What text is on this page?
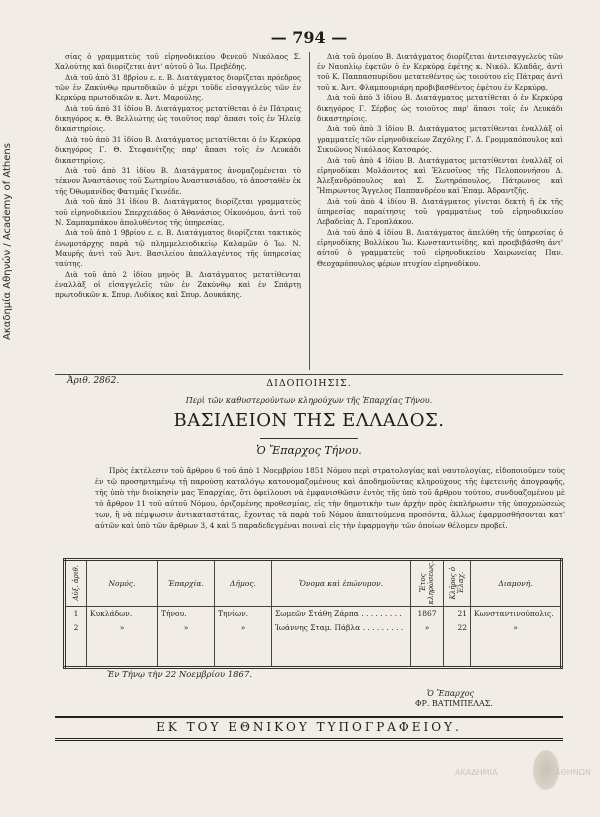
Ακαδημία Αθηνών / Academy of Athens
— 794 —

σίας ὁ γραμματεὺς τοῦ εἰρηνοδικείου Φενεοῦ Νικόλαος Σ. Χαλούτης καὶ διορίζεται ἀντ' αὐτοῦ ὁ Ἰω. Πρεβέδης.

Διὰ τοῦ ἀπὸ 31 8βρίου ε. ε. Β. Διατάγματος διορίζεται πρόεδρος τῶν ἐν Ζακύνθῳ πρωτοδικῶν ὁ μέχρι τοῦδε εἰσαγγελεὺς τῶν ἐν Κερκύρᾳ πρωτοδικῶν κ. Ἀντ. Μαρούλης.

Διὰ τοῦ ἀπὸ 31 ἰδίου Β. Διατάγματος μετατίθεται ὁ ἐν Πάτραις δικηγόρος κ. Θ. Βελλιώτης ὡς τοιοῦτος παρ' ἅπασι τοῖς ἐν Ἠλείᾳ δικαστηρίοις.

Διὰ τοῦ ἀπὸ 31 ἰδίου Β. Διατάγματος μετατίθεται ὁ ἐν Κερκύρᾳ δικηγόρος Γ. Θ. Στεφανίτζης παρ' ἅπασι τοῖς ἐν Λευκάδι δικαστηρίοις.

Διὰ τοῦ ἀπὸ 31 ἰδίου Β. Διατάγματος ἀνομαζομένεται τὸ τέκνον Ἀναστάσιος τοῦ Σωτηρίου Ἀναστασιάδου, τὸ ἀποσταθὲν ἐκ τῆς Ὀθωμανίδος Φατιμᾶς Γκινέδε.

Διὰ τοῦ ἀπὸ 31 ἰδίου Β. Διατάγματος διορίζεται γραμματεὺς τοῦ εἰρηνοδικείου Σπερχειάδος ὁ Ἀθανάσιος Οἰκονόμου, ἀντὶ τοῦ Ν. Σαμπαμπάκου ἀπολυθέντος τῆς ὑπηρεσίας.

Διὰ τοῦ ἀπὸ 1 9βρίου ε. ε. Β. Διατάγματος διορίζεται τακτικὸς ἐνωμοτάρχης παρὰ τῷ πλημμελειοδικείῳ Καλαμῶν ὁ Ἰω. Ν. Μαυρῆς ἀντὶ τοῦ Ἀντ. Βασιλείου ἀπαλλαγέντος τῆς ὑπηρεσίας ταύτης.

Διὰ τοῦ ἀπὸ 2 ἰδίου μηνὸς Β. Διατάγματος μετατίθενται ἐναλλὰξ οἱ εἰσαγγελεῖς τῶν ἐν Ζακύνθῳ καὶ ἐν Σπάρτῃ πρωτοδικῶν κ. Σπυρ. Λυδίκος καὶ Σπυρ. Δουκάκης.

Διὰ τοῦ ὁμοίου Β. Διατάγματος διορίζεται ἀντεισαγγελεὺς τῶν ἐν Ναυπλίῳ ἐφετῶν ὁ ἐν Κερκύρᾳ ἐφέτης κ. Νικόλ. Κλαδᾶς, ἀντὶ τοῦ Κ. Παππασπυρίδου μετατεθέντος ὡς τοιούτου εἰς Πάτρας ἀντὶ τοῦ κ. Ἀντ. Φλαμπουριάρη προβιβασθέντος ἐφέτου ἐν Κερκύρᾳ.

Διὰ τοῦ ἀπὸ 3 ἰδίου Β. Διατάγματος μετατίθεται ὁ ἐν Κερκύρᾳ δικηγόρος Γ. Σέρβος ὡς τοιοῦτος παρ' ἅπασι τοῖς ἐν Λευκάδι δικαστηρίοις.

Διὰ τοῦ ἀπὸ 3 ἰδίου Β. Διατάγματος μετατίθενται ἐναλλὰξ οἱ γραμματεῖς τῶν εἰρηνοδικείων Ζαχόλης Γ. Δ. Γρομμαπόπουλος καὶ Σικυῶνος Νικόλαος Κατσαρός.

Διὰ τοῦ ἀπὸ 4 ἰδίου Β. Διατάγματος μετατίθενται ἐναλλὰξ οἱ εἰρηνοδίκαι Μολάοντος καὶ Ἐλευσῖνος τῆς Πελοποννήσου Δ. Ἀλεξανδρόπουλος καὶ Σ. Σωτηρόπουλος, Πάτρωνος καὶ Ἤπιρωντος Ἄγγελος Παππανδρέου καὶ Ἐπαμ. Ἀδραντζῆς.

Διὰ τοῦ ἀπὸ 4 ἰδίου Β. Διατάγματος γίνεται δεκτὴ ἡ ἐκ τῆς ὑπηρεσίας παραίτησις τοῦ γραμματέως τοῦ εἰρηνοδικείου Λεβαδείας Δ. Γεροπλάκου.

Διὰ τοῦ ἀπὸ 4 ἰδίου Β. Διατάγματος ἀπελύθη τῆς ὑπηρεσίας ὁ εἰρηνοδίκης Βολλίκου Ἰω. Κωνσταντινίδης, καὶ προεβιβάσθη ἀντ' αὐτοῦ ὁ γραμματεὺς τοῦ εἰρηνοδικείου Χαιρωνείας Παν. Θεοχαρόπουλος φέρων πτυχίον εἰρηνοδίκου.

Ἀριθ. 2862.	ΔΙΔΟΠΟΙΗΣΙΣ.
Περὶ τῶν καθυστερούντων κληρούχων τῆς Ἐπαρχίας Τήνου.
ΒΑΣΙΛΕΙΟΝ ΤΗΣ ΕΛΛΑΔΟΣ.
Ὁ Ἔπαρχος Τήνου.
Πρὸς ἐκτέλεσιν τοῦ ἄρθρου 6 τοῦ ἀπὸ 1 Νοεμβρίου 1851 Νόμου περὶ στρατολογίας καὶ ναυτολογίας, εἰδοποιοῦμεν τοὺς ἐν τῷ προσηρτημένῳ τῇ παρούσῃ καταλόγῳ κατονομαζομένους καὶ ἀποδημοῦντας κληρούχους τῆς ἐφετεινῆς ἀπογραφῆς, τῆς ὑπὸ τὴν διοίκησίν μας Ἐπαρχίας, ὅτι ὀφείλουσι νὰ ἐμφανισθῶσιν ἐντὸς τῆς ὑπὸ τοῦ ἄρθρου τούτου, συνδυαζομένου μὲ τὸ ἄρθρον 11 τοῦ αὐτοῦ Νόμου, ὁριζομένης προθεσμίας, εἰς τὴν δημοτικὴν των ἀρχὴν πρὸς ἐκπλήρωσιν τῆς ὑποχρεώσεώς των, ἢ νὰ πέμψωσιν ἀντικαταστάτας, ἔχοντας τὰ παρὰ τοῦ Νόμου ἀπαιτούμενα προσόντα, ἄλλως ἐφαρμοσθήσονται κατ' αὐτῶν καὶ ὑπὸ τῶν ἄρθρων 3, 4 καὶ 5 παραδεδεγμέναι ποιναὶ εἰς τὴν ἐφαρμογὴν τῶν ὁποίων θέλομεν προβεῖ.
Αὐξ. ἀριθ.	Νομός.	Ἐπαρχία.	Δῆμος.	Ὄνομα καὶ ἐπώνυμον.	Ἔτος κληρώσεως.	Κλῆρος ὁ Ἐλαχ.	Διαμονή.
1	Κυκλάδων.	Τήνου.	Τηνίων.	Σωμεῶν Στάθη Ζάρπα . . . . . . . . .	1867	21	Κωνσταντινούπολις.
2	»	»	»	Ἰωάννης Σταμ. Πάβλα . . . . . . . . .	»	22	»
Ἐν Τήνῳ τὴν 22 Νοεμβρίου 1867.
Ὁ Ἔπαρχος
ΦΡ. ΒΑΤΙΜΠΕΛΑΣ.
ΕΚ ΤΟΥ ΕΘΝΙΚΟΥ ΤΥΠΟΓΡΑΦΕΙΟΥ.
ΑΚΑΔΗΜΙΑ	ΑΘΗΝΩΝ
